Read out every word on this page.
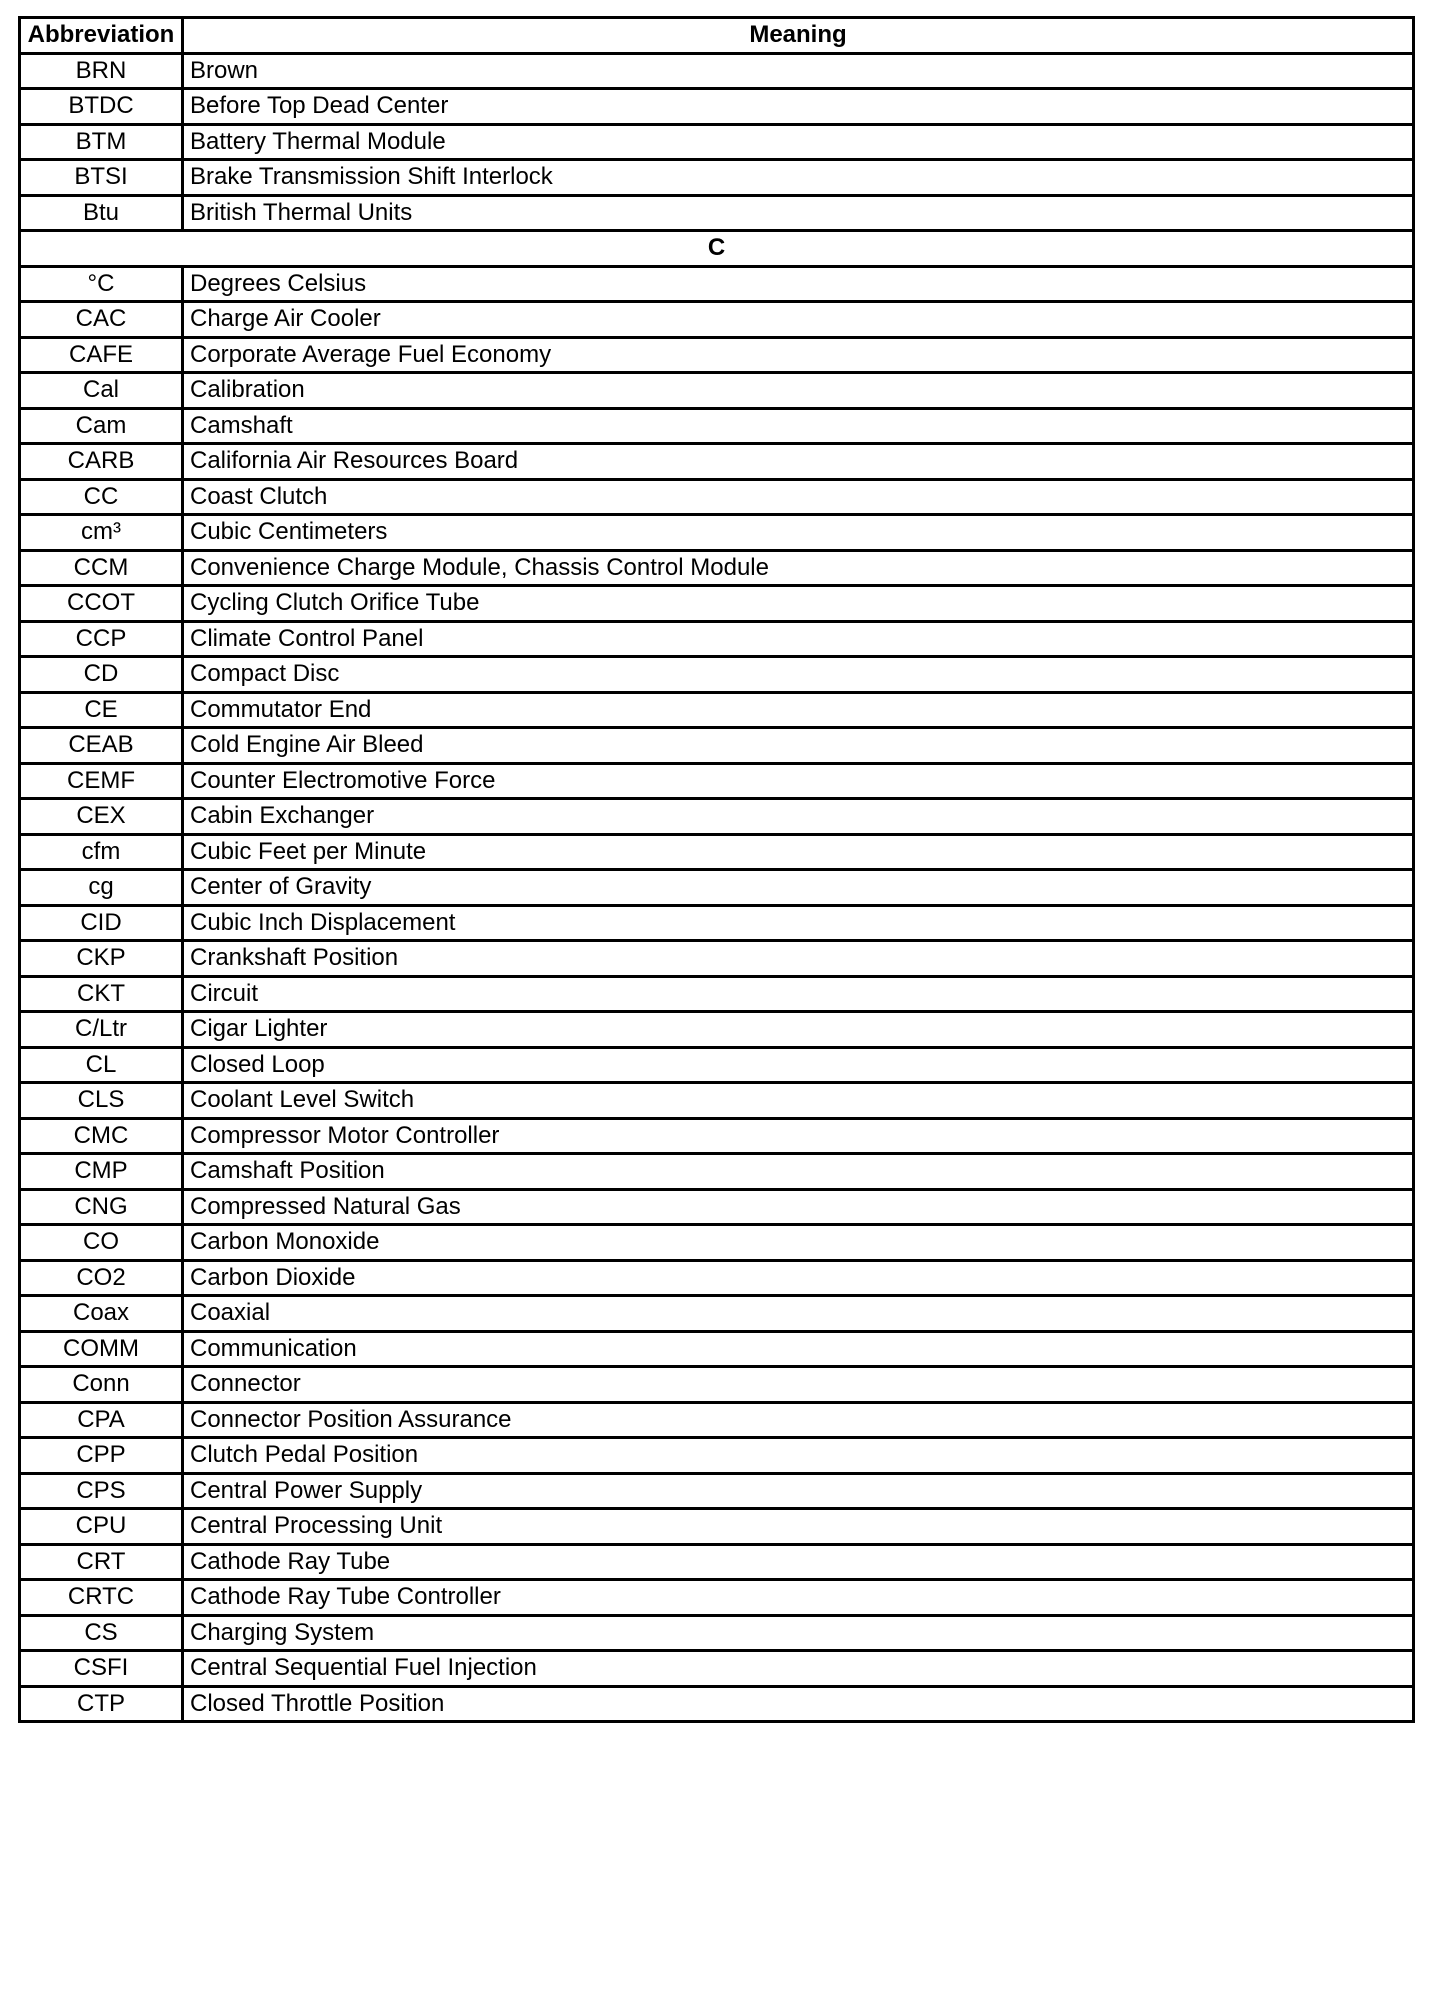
Abbreviation	Meaning
BRN	Brown
BTDC	Before Top Dead Center
BTM	Battery Thermal Module
BTSI	Brake Transmission Shift Interlock
Btu	British Thermal Units
C	
°C	Degrees Celsius
CAC	Charge Air Cooler
CAFE	Corporate Average Fuel Economy
Cal	Calibration
Cam	Camshaft
CARB	California Air Resources Board
CC	Coast Clutch
cm³	Cubic Centimeters
CCM	Convenience Charge Module, Chassis Control Module
CCOT	Cycling Clutch Orifice Tube
CCP	Climate Control Panel
CD	Compact Disc
CE	Commutator End
CEAB	Cold Engine Air Bleed
CEMF	Counter Electromotive Force
CEX	Cabin Exchanger
cfm	Cubic Feet per Minute
cg	Center of Gravity
CID	Cubic Inch Displacement
CKP	Crankshaft Position
CKT	Circuit
C/Ltr	Cigar Lighter
CL	Closed Loop
CLS	Coolant Level Switch
CMC	Compressor Motor Controller
CMP	Camshaft Position
CNG	Compressed Natural Gas
CO	Carbon Monoxide
CO2	Carbon Dioxide
Coax	Coaxial
COMM	Communication
Conn	Connector
CPA	Connector Position Assurance
CPP	Clutch Pedal Position
CPS	Central Power Supply
CPU	Central Processing Unit
CRT	Cathode Ray Tube
CRTC	Cathode Ray Tube Controller
CS	Charging System
CSFI	Central Sequential Fuel Injection
CTP	Closed Throttle Position
